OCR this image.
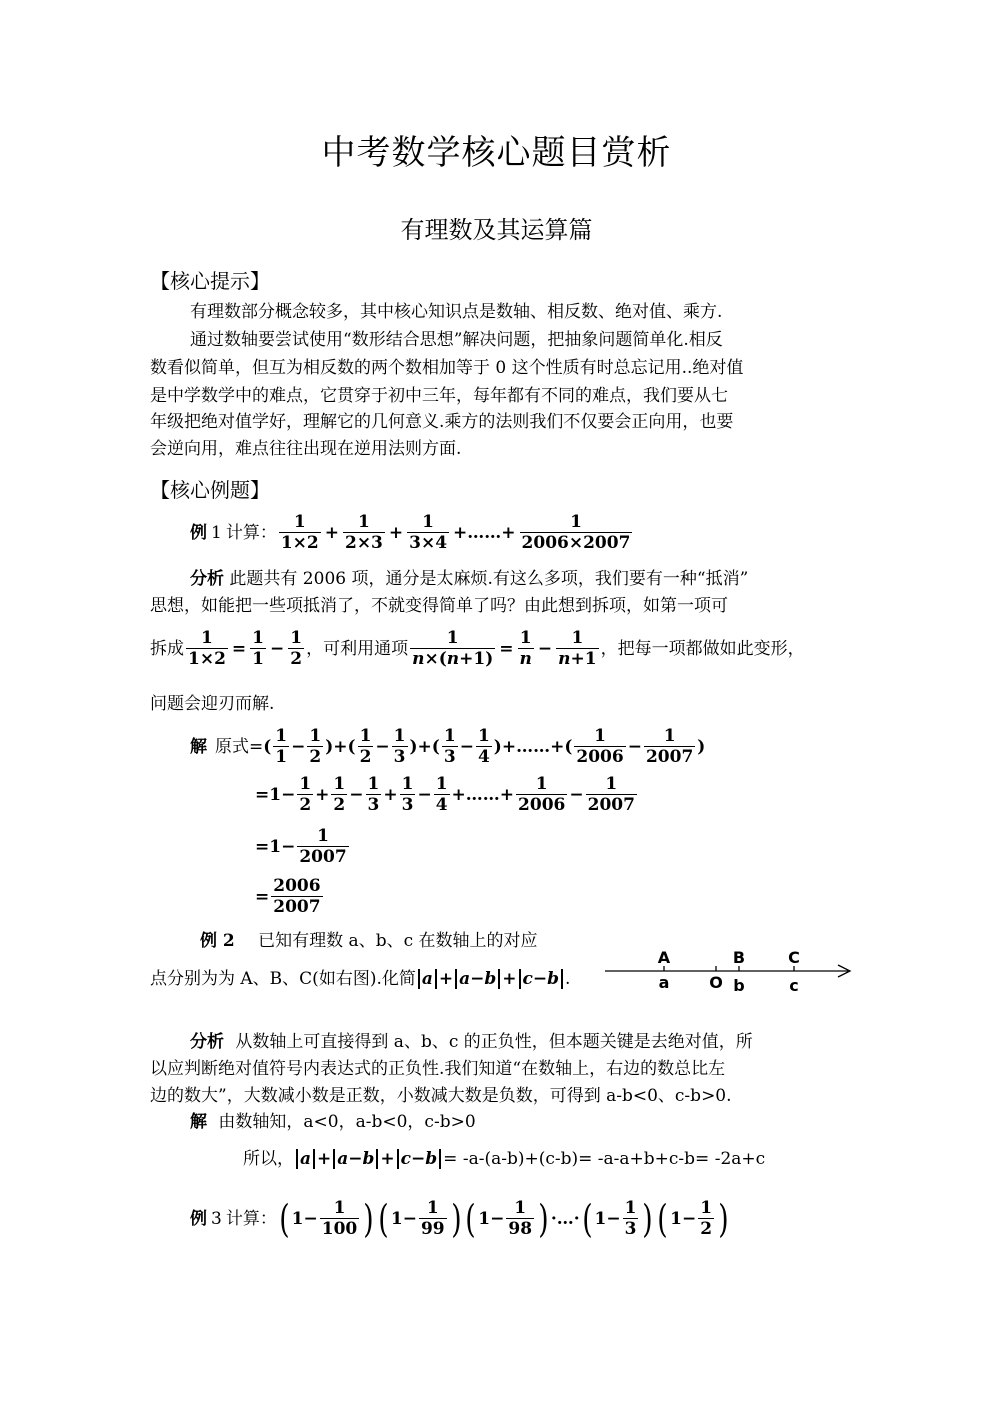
中考数学核心题目赏析
有理数及其运算篇
【核心提示】
有理数部分概念较多，其中核心知识点是数轴、相反数、绝对值、乘方.
通过数轴要尝试使用“数形结合思想”解决问题，把抽象问题简单化.相反
数看似简单，但互为相反数的两个数相加等于 0 这个性质有时总忘记用..绝对值
是中学数学中的难点，它贯穿于初中三年，每年都有不同的难点，我们要从七
年级把绝对值学好，理解它的几何意义.乘方的法则我们不仅要会正向用，也要
会逆向用，难点往往出现在逆用法则方面.
【核心例题】
例 1 计算： $\frac{1}{1\times 2} + \frac{1}{2\times 3} + \frac{1}{3\times 4}$ +……+ $\frac{1}{2006\times 2007}$
分析 此题共有 2006 项，通分是太麻烦.有这么多项，我们要有一种“抵消”
思想，如能把一些项抵消了，不就变得简单了吗？由此想到拆项，如第一项可
拆成 $\frac{1}{1\times 2} = \frac{1}{1} - \frac{1}{2}$ ，可利用通项 $\frac{1}{n\times(n+1)} = \frac{1}{n} - \frac{1}{n+1}$ ，把每一项都做如此变形，
问题会迎刃而解.
解 原式= ( $\frac{1}{1} - \frac{1}{2}$ )+( $\frac{1}{2} - \frac{1}{3}$ )+( $\frac{1}{3} - \frac{1}{4}$ )+……+( $\frac{1}{2006} - \frac{1}{2007}$ )
$=1- \frac{1}{2} + \frac{1}{2} - \frac{1}{3} + \frac{1}{3} - \frac{1}{4}$ +……+ $\frac{1}{2006} - \frac{1}{2007}$
$=1- \frac{1}{2007}$
= $\frac{2006}{2007}$
例 2 已知有理数 a、b、c 在数轴上的对应
点分别为为 A、B、C(如右图).化简 a + a − b + c − b .
A	B	C
a O b	c
分析 从数轴上可直接得到 a、b、c 的正负性，但本题关键是去绝对值，所
以应判断绝对值符号内表达式的正负性.我们知道“在数轴上，右边的数总比左
边的数大”，大数减小数是正数，小数减大数是负数，可得到 a-b<0、c-b>0.
解 由数轴知，a<0，a-b<0，c-b>0
所以， a + a − b + c − b = -a-(a-b)+(c-b)= -a-a+b+c-b= -2a+c
例 3 计算： ( $1- \frac{1}{100}$ ) ( $1- \frac{1}{99}$ ) ( $1- \frac{1}{98}$ ) ·…· ( $1- \frac{1}{3}$ ) ( $1- \frac{1}{2}$ )
